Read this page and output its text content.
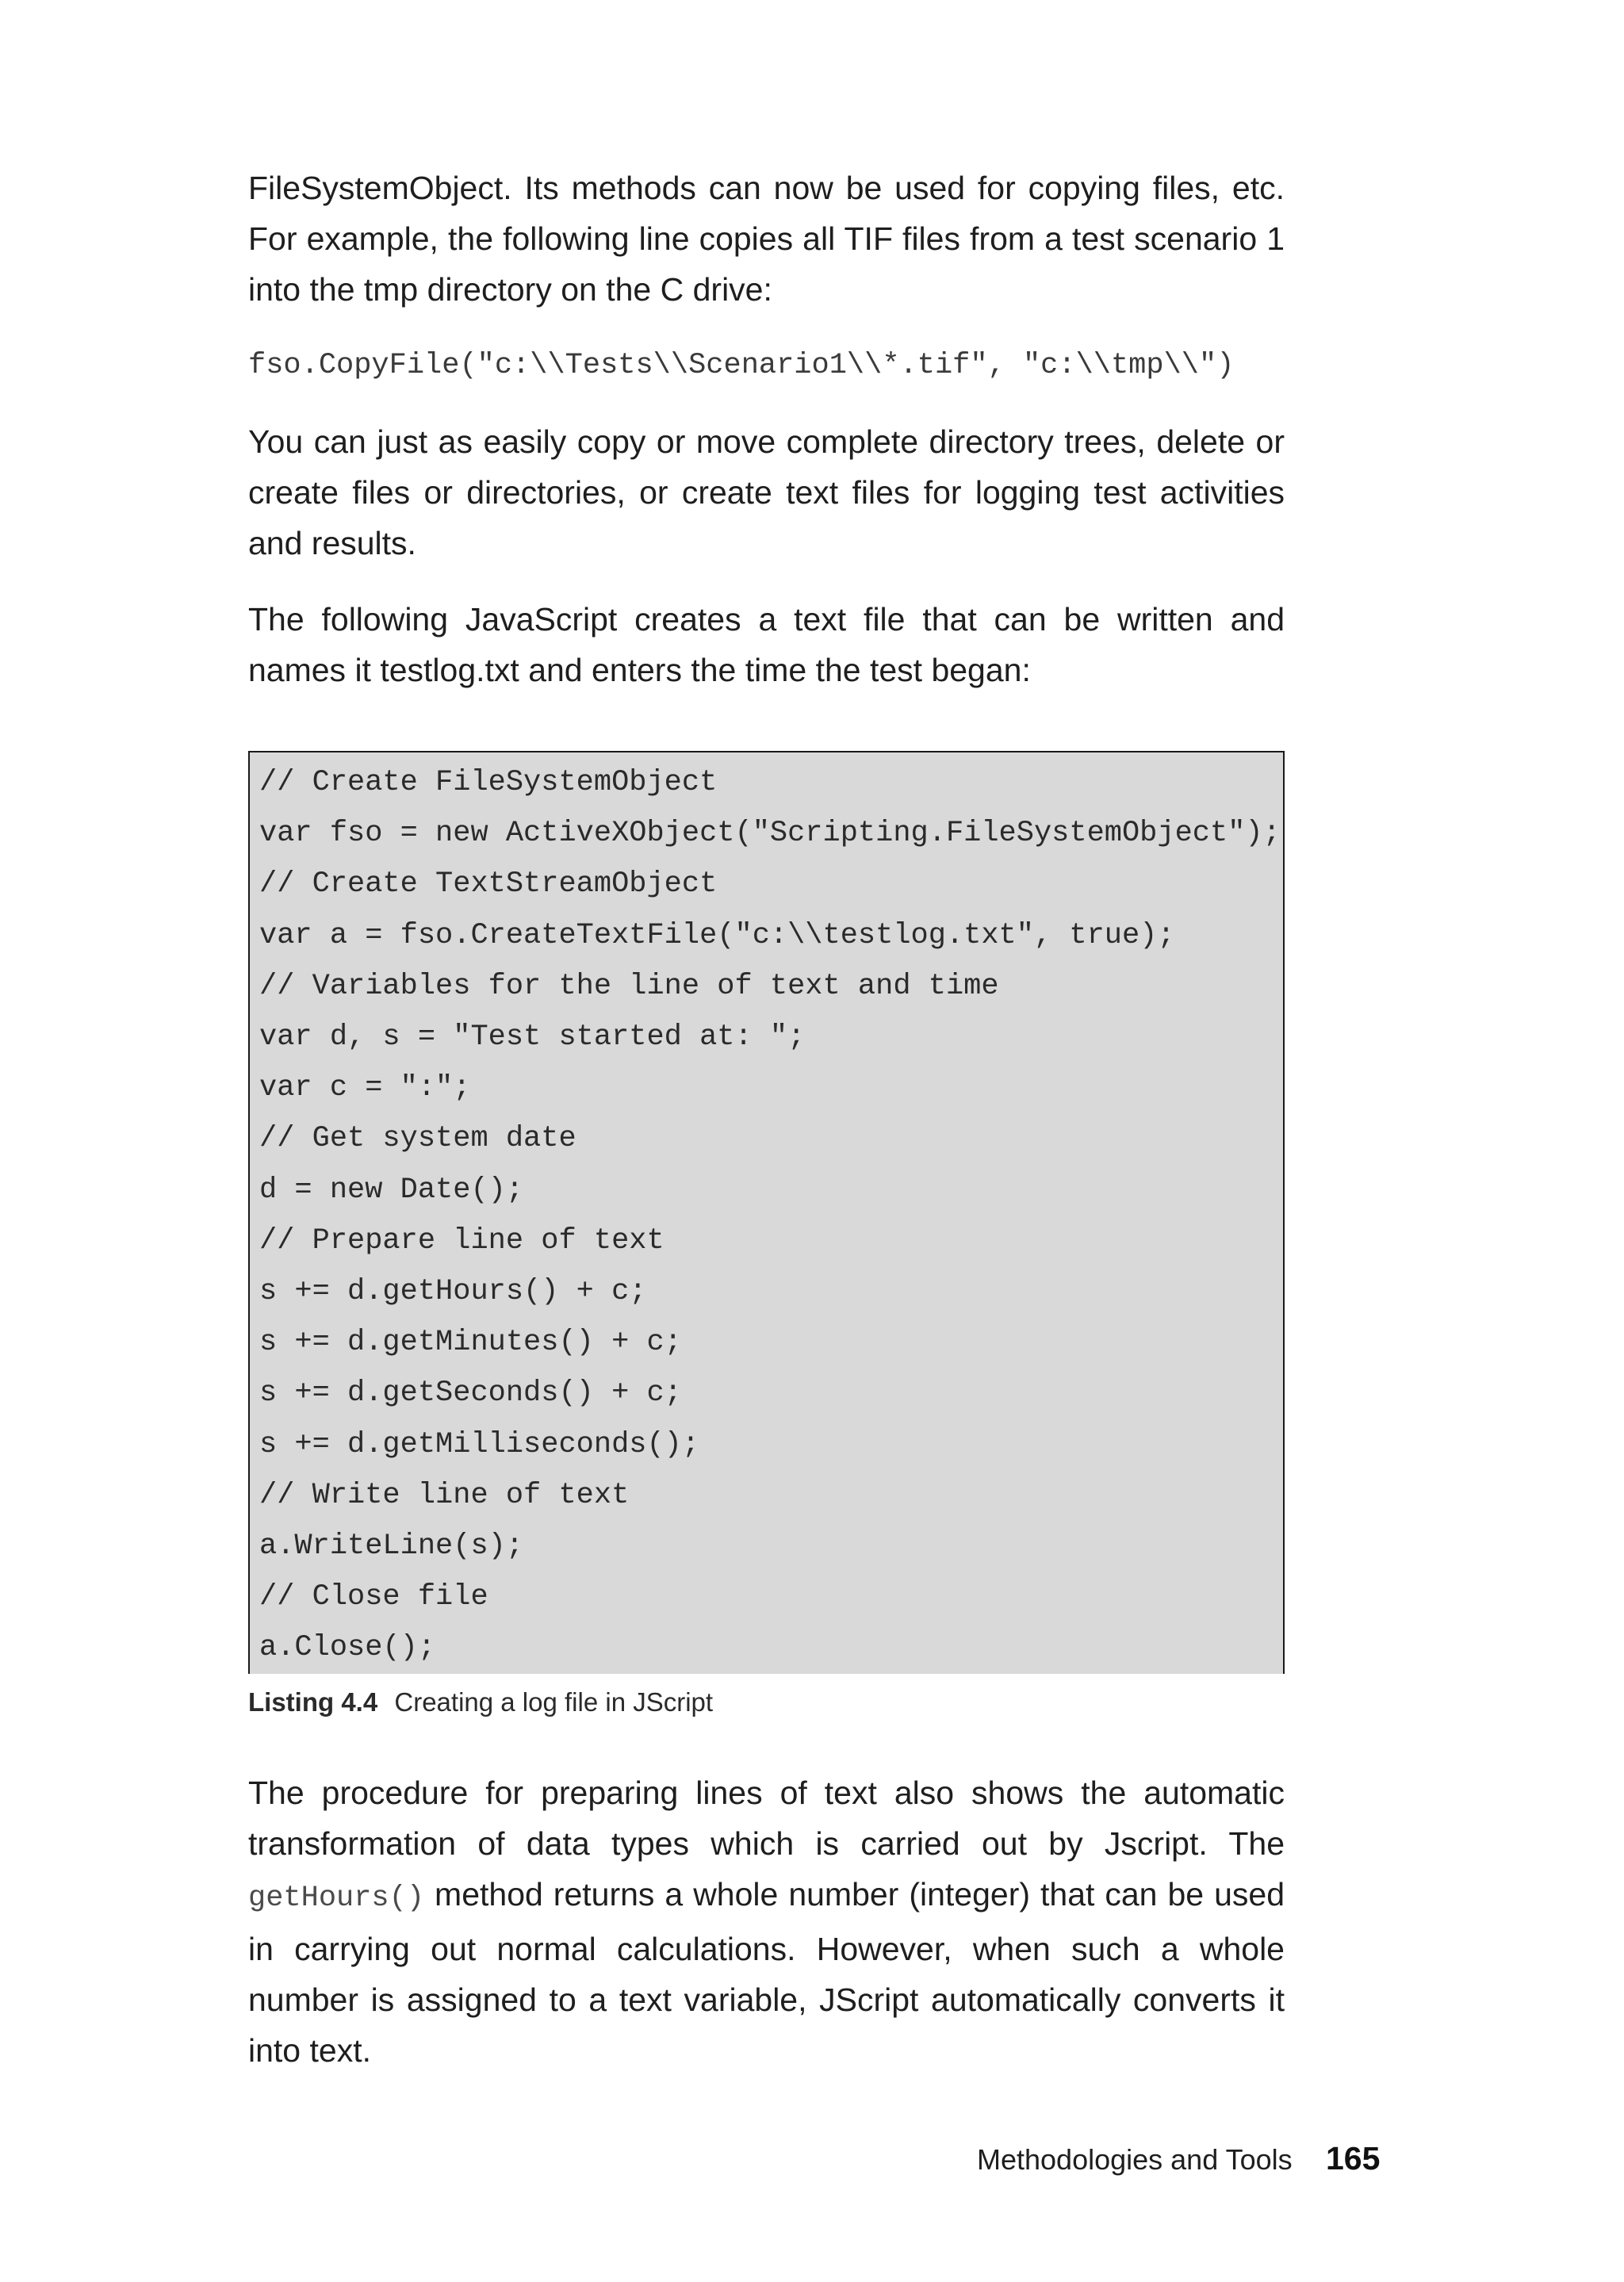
FileSystemObject. Its methods can now be used for copying files, etc. For example, the following line copies all TIF files from a test scenario 1 into the tmp directory on the C drive:

fso.CopyFile("c:\\Tests\\Scenario1\\*.tif", "c:\\tmp\\")

You can just as easily copy or move complete directory trees, delete or create files or directories, or create text files for logging test activities and results.

The following JavaScript creates a text file that can be written and names it testlog.txt and enters the time the test began:

// Create FileSystemObject
var fso = new ActiveXObject("Scripting.FileSystemObject");
// Create TextStreamObject
var a = fso.CreateTextFile("c:\\testlog.txt", true);
// Variables for the line of text and time
var d, s = "Test started at: ";
var c = ":";
// Get system date
d = new Date();
// Prepare line of text
s += d.getHours() + c;
s += d.getMinutes() + c;
s += d.getSeconds() + c;
s += d.getMilliseconds();
// Write line of text
a.WriteLine(s);
// Close file
a.Close();
Listing 4.4 Creating a log file in JScript

The procedure for preparing lines of text also shows the automatic transformation of data types which is carried out by Jscript. The getHours() method returns a whole number (integer) that can be used in carrying out normal calculations. However, when such a whole number is assigned to a text variable, JScript automatically converts it into text.

Methodologies and Tools 165
